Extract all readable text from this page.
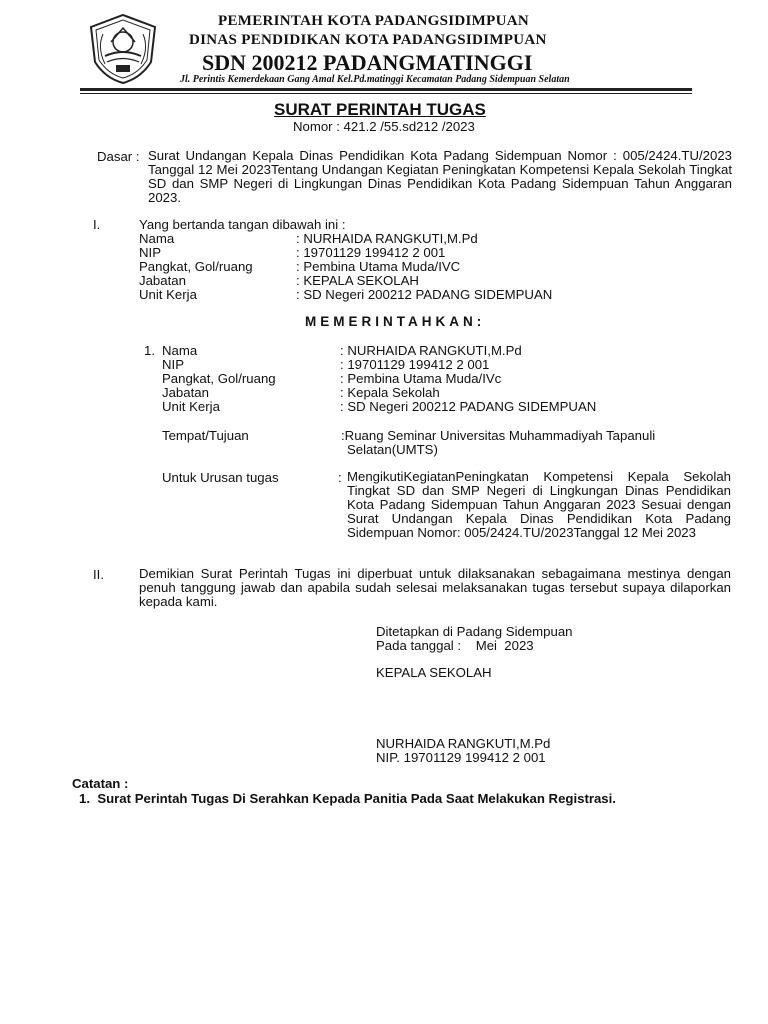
PEMERINTAH KOTA PADANGSIDIMPUAN
DINAS PENDIDIKAN KOTA PADANGSIDIMPUAN
SDN 200212 PADANGMATINGGI
Jl. Perintis Kemerdekaan Gang Amal Kel.Pd.matinggi Kecamatan Padang Sidempuan Selatan
SURAT PERINTAH TUGAS
Nomor : 421.2 /55.sd212 /2023
Dasar : Surat Undangan Kepala Dinas Pendidikan Kota Padang Sidempuan Nomor : 005/2424.TU/2023 Tanggal 12 Mei 2023Tentang Undangan Kegiatan Peningkatan Kompetensi Kepala Sekolah Tingkat SD dan SMP Negeri di Lingkungan Dinas Pendidikan Kota Padang Sidempuan Tahun Anggaran 2023.
I.	Yang bertanda tangan dibawah ini :
Nama	: NURHAIDA RANGKUTI,M.Pd
NIP	: 19701129 199412 2 001
Pangkat, Gol/ruang	: Pembina Utama Muda/IVC
Jabatan	: KEPALA SEKOLAH
Unit Kerja	: SD Negeri 200212 PADANG SIDEMPUAN
MEMERINTAHKAN:
1. Nama	: NURHAIDA RANGKUTI,M.Pd
NIP	: 19701129 199412 2 001
Pangkat, Gol/ruang	: Pembina Utama Muda/IVc
Jabatan	: Kepala Sekolah
Unit Kerja	: SD Negeri 200212 PADANG SIDEMPUAN
Tempat/Tujuan	:Ruang Seminar Universitas Muhammadiyah Tapanuli
Selatan(UMTS)
Untuk Urusan tugas	: MengikutiKegiatanPeningkatan Kompetensi Kepala Sekolah Tingkat SD dan SMP Negeri di Lingkungan Dinas Pendidikan Kota Padang Sidempuan Tahun Anggaran 2023 Sesuai dengan Surat Undangan Kepala Dinas Pendidikan Kota Padang Sidempuan Nomor: 005/2424.TU/2023Tanggal 12 Mei 2023
II.	Demikian Surat Perintah Tugas ini diperbuat untuk dilaksanakan sebagaimana mestinya dengan penuh tanggung jawab dan apabila sudah selesai melaksanakan tugas tersebut supaya dilaporkan kepada kami.
Ditetapkan di Padang Sidempuan
Pada tanggal :    Mei  2023
KEPALA SEKOLAH
NURHAIDA RANGKUTI,M.Pd
NIP. 19701129 199412 2 001
Catatan :
1.  Surat Perintah Tugas Di Serahkan Kepada Panitia Pada Saat Melakukan Registrasi.
